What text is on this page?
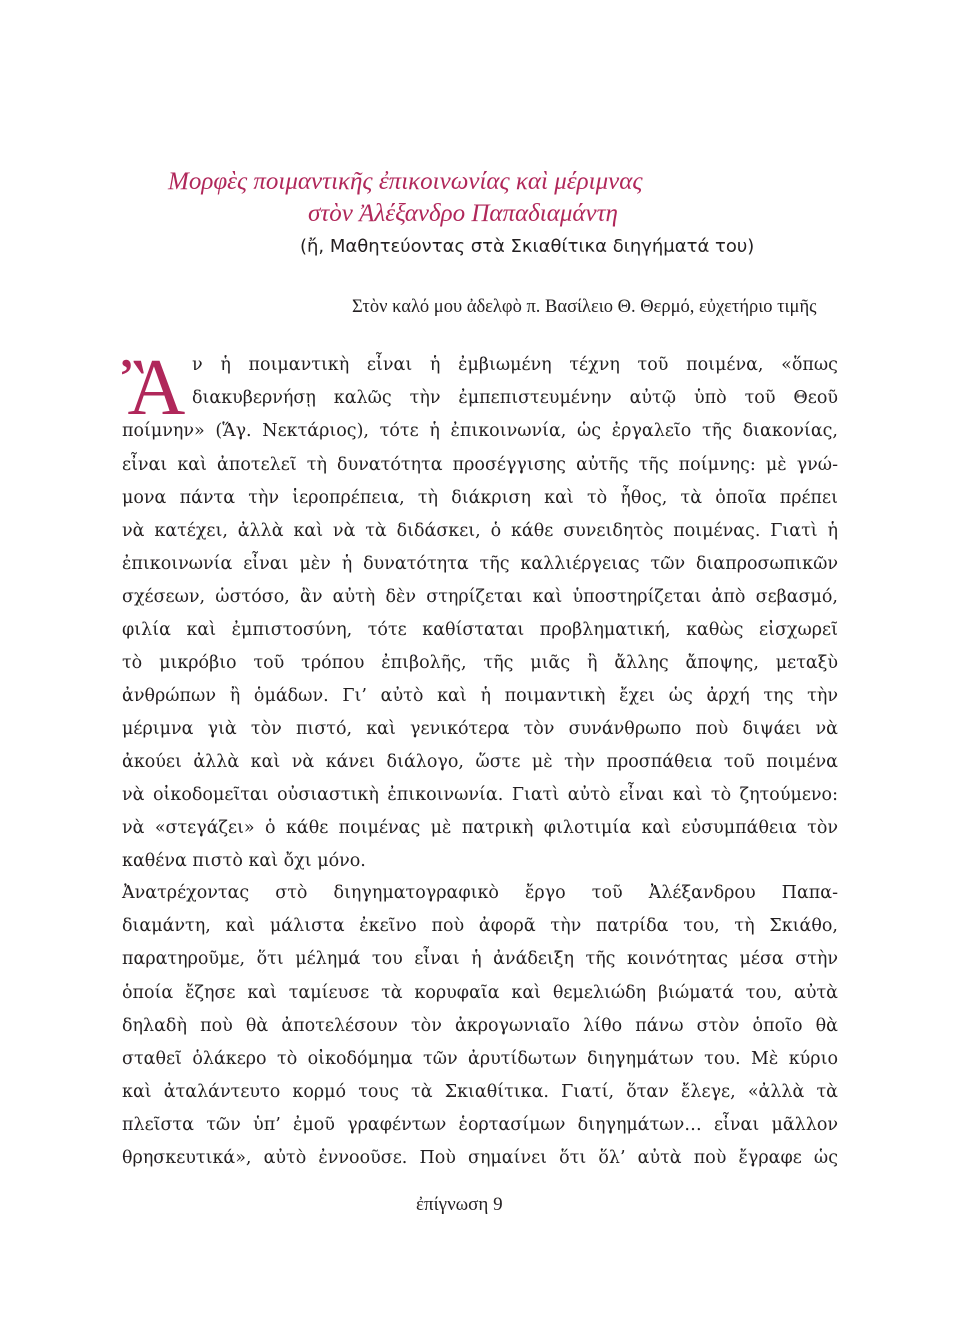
Μορφὲς ποιμαντικῆς ἐπικοινωνίας καὶ μέριμνας
στὸν Ἀλέξανδρο Παπαδιαμάντη
(ἤ, Μαθητεύοντας στὰ Σκιαθίτικα διηγήματά του)
Στὸν καλό μου ἀδελφὸ π. Βασίλειο Θ. Θερμό, εὐχετήριο τιμῆς
Ἂ ν ἡ ποιμαντικὴ εἶναι ἡ ἐμβιωμένη τέχνη τοῦ ποιμένα, «ὅπως
διακυβερνήσῃ καλῶς τὴν ἐμπεπιστευμένην αὐτῷ ὑπὸ τοῦ Θεοῦ
ποίμνην» (Ἅγ. Νεκτάριος), τότε ἡ ἐπικοινωνία, ὡς ἐργαλεῖο τῆς διακονίας,
εἶναι καὶ ἀποτελεῖ τὴ δυνατότητα προσέγγισης αὐτῆς τῆς ποίμνης: μὲ γνώ-
μονα πάντα τὴν ἱεροπρέπεια, τὴ διάκριση καὶ τὸ ἦθος, τὰ ὁποῖα πρέπει
νὰ κατέχει, ἀλλὰ καὶ νὰ τὰ διδάσκει, ὁ κάθε συνειδητὸς ποιμένας. Γιατὶ ἡ
ἐπικοινωνία εἶναι μὲν ἡ δυνατότητα τῆς καλλιέργειας τῶν διαπροσωπικῶν
σχέσεων, ὡστόσο, ἂν αὐτὴ δὲν στηρίζεται καὶ ὑποστηρίζεται ἀπὸ σεβασμό,
φιλία καὶ ἐμπιστοσύνη, τότε καθίσταται προβληματική, καθὼς εἰσχωρεῖ
τὸ μικρόβιο τοῦ τρόπου ἐπιβολῆς, τῆς μιᾶς ἢ ἄλλης ἄποψης, μεταξὺ
ἀνθρώπων ἢ ὁμάδων. Γι’ αὐτὸ καὶ ἡ ποιμαντικὴ ἔχει ὡς ἀρχή της τὴν
μέριμνα γιὰ τὸν πιστό, καὶ γενικότερα τὸν συνάνθρωπο ποὺ διψάει νὰ
ἀκούει ἀλλὰ καὶ νὰ κάνει διάλογο, ὥστε μὲ τὴν προσπάθεια τοῦ ποιμένα
νὰ οἰκοδομεῖται οὐσιαστικὴ ἐπικοινωνία. Γιατὶ αὐτὸ εἶναι καὶ τὸ ζητούμενο:
νὰ «στεγάζει» ὁ κάθε ποιμένας μὲ πατρικὴ φιλοτιμία καὶ εὐσυμπάθεια τὸν
καθένα πιστὸ καὶ ὄχι μόνο.
Ἀνατρέχοντας στὸ διηγηματογραφικὸ ἔργο τοῦ Ἀλέξανδρου Παπα-
διαμάντη, καὶ μάλιστα ἐκεῖνο ποὺ ἀφορᾶ τὴν πατρίδα του, τὴ Σκιάθο,
παρατηροῦμε, ὅτι μέλημά του εἶναι ἡ ἀνάδειξη τῆς κοινότητας μέσα στὴν
ὁποία ἔζησε καὶ ταμίευσε τὰ κορυφαῖα καὶ θεμελιώδη βιώματά του, αὐτὰ
δηλαδὴ ποὺ θὰ ἀποτελέσουν τὸν ἀκρογωνιαῖο λίθο πάνω στὸν ὁποῖο θὰ
σταθεῖ ὁλάκερο τὸ οἰκοδόμημα τῶν ἀρυτίδωτων διηγημάτων του. Μὲ κύριο
καὶ ἀταλάντευτο κορμό τους τὰ Σκιαθίτικα. Γιατί, ὅταν ἔλεγε, «ἀλλὰ τὰ
πλεῖστα τῶν ὑπ’ ἐμοῦ γραφέντων ἑορτασίμων διηγημάτων… εἶναι μᾶλλον
θρησκευτικά», αὐτὸ ἐννοοῦσε. Ποὺ σημαίνει ὅτι ὅλ’ αὐτὰ ποὺ ἔγραφε ὡς
ἐπίγνωση 9
